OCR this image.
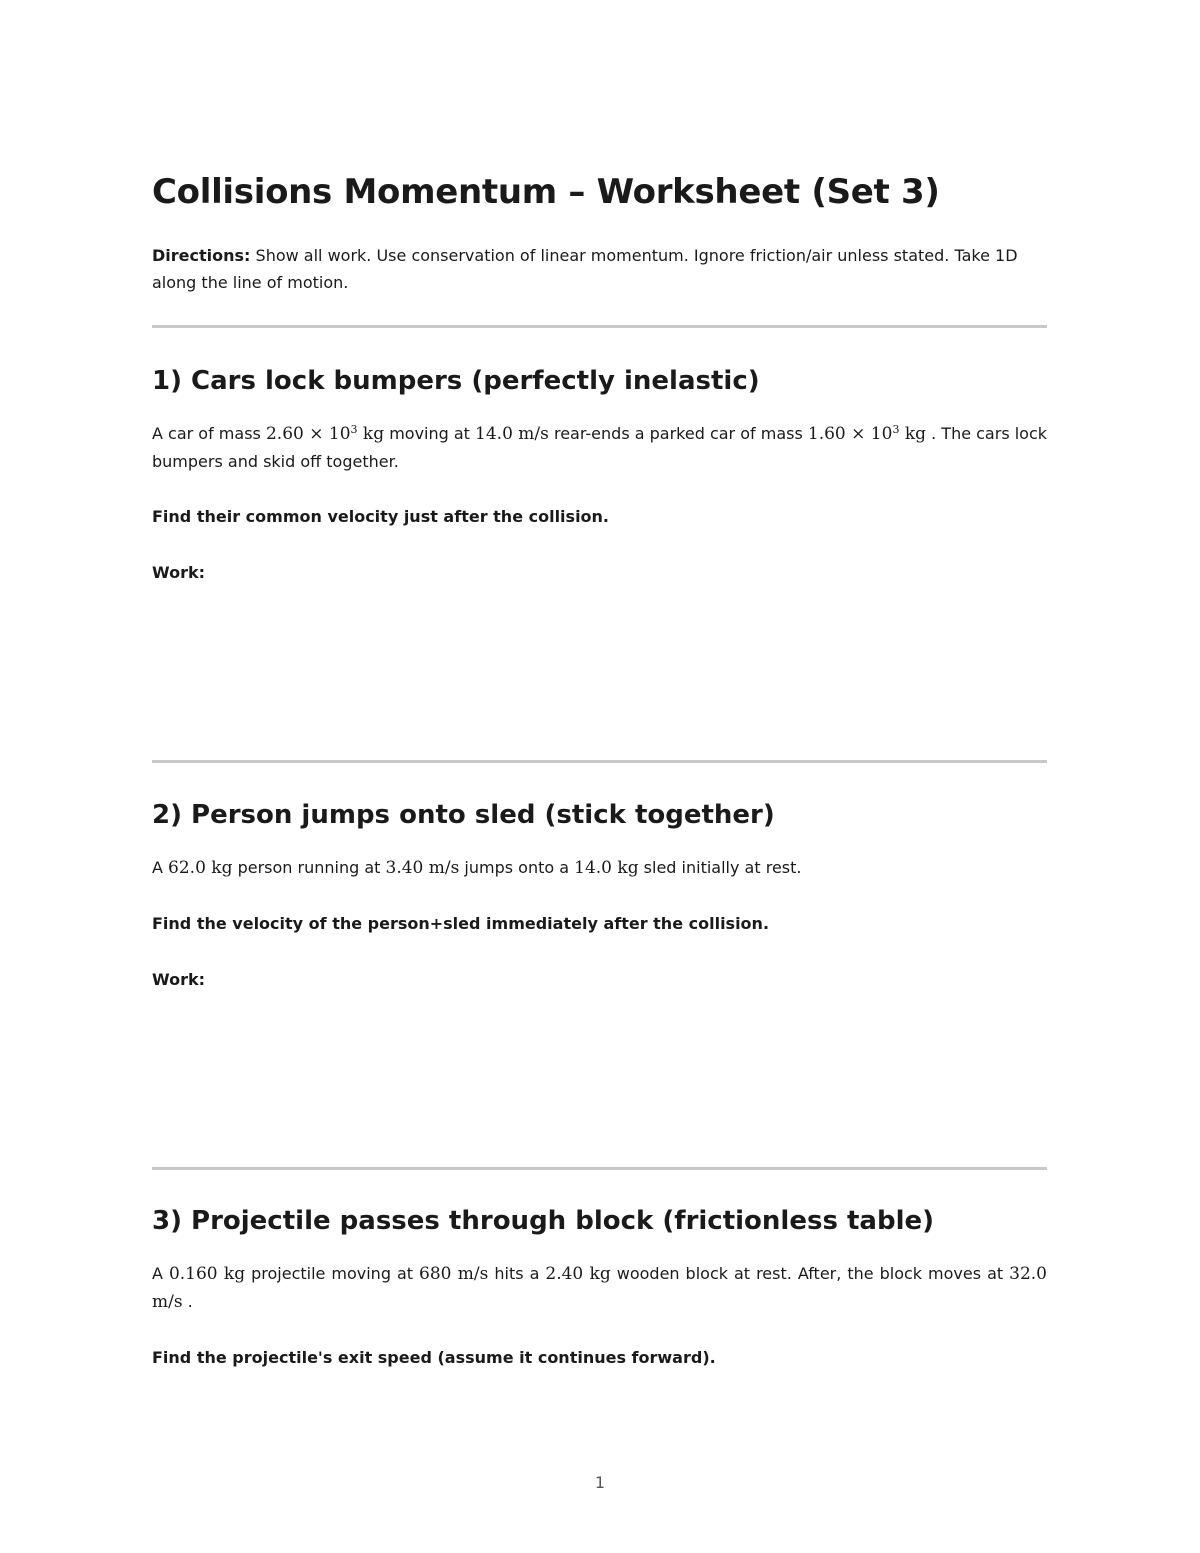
Collisions Momentum – Worksheet (Set 3)
Directions: Show all work. Use conservation of linear momentum. Ignore friction/air unless stated. Take 1D along the line of motion.
1) Cars lock bumpers (perfectly inelastic)

A car of mass $2.60 \times 10^3$ kg moving at 14.0 m/s rear-ends a parked car of mass $1.60 \times 10^3$ kg . The cars lock bumpers and skid off together.

Find their common velocity just after the collision.
Work:
2) Person jumps onto sled (stick together)

A 62.0 kg person running at 3.40 m/s jumps onto a 14.0 kg sled initially at rest.

Find the velocity of the person+sled immediately after the collision.
Work:
3) Projectile passes through block (frictionless table)

A 0.160 kg projectile moving at 680 m/s hits a 2.40 kg wooden block at rest. After, the block moves at 32.0 m/s .

Find the projectile's exit speed (assume it continues forward).
1
